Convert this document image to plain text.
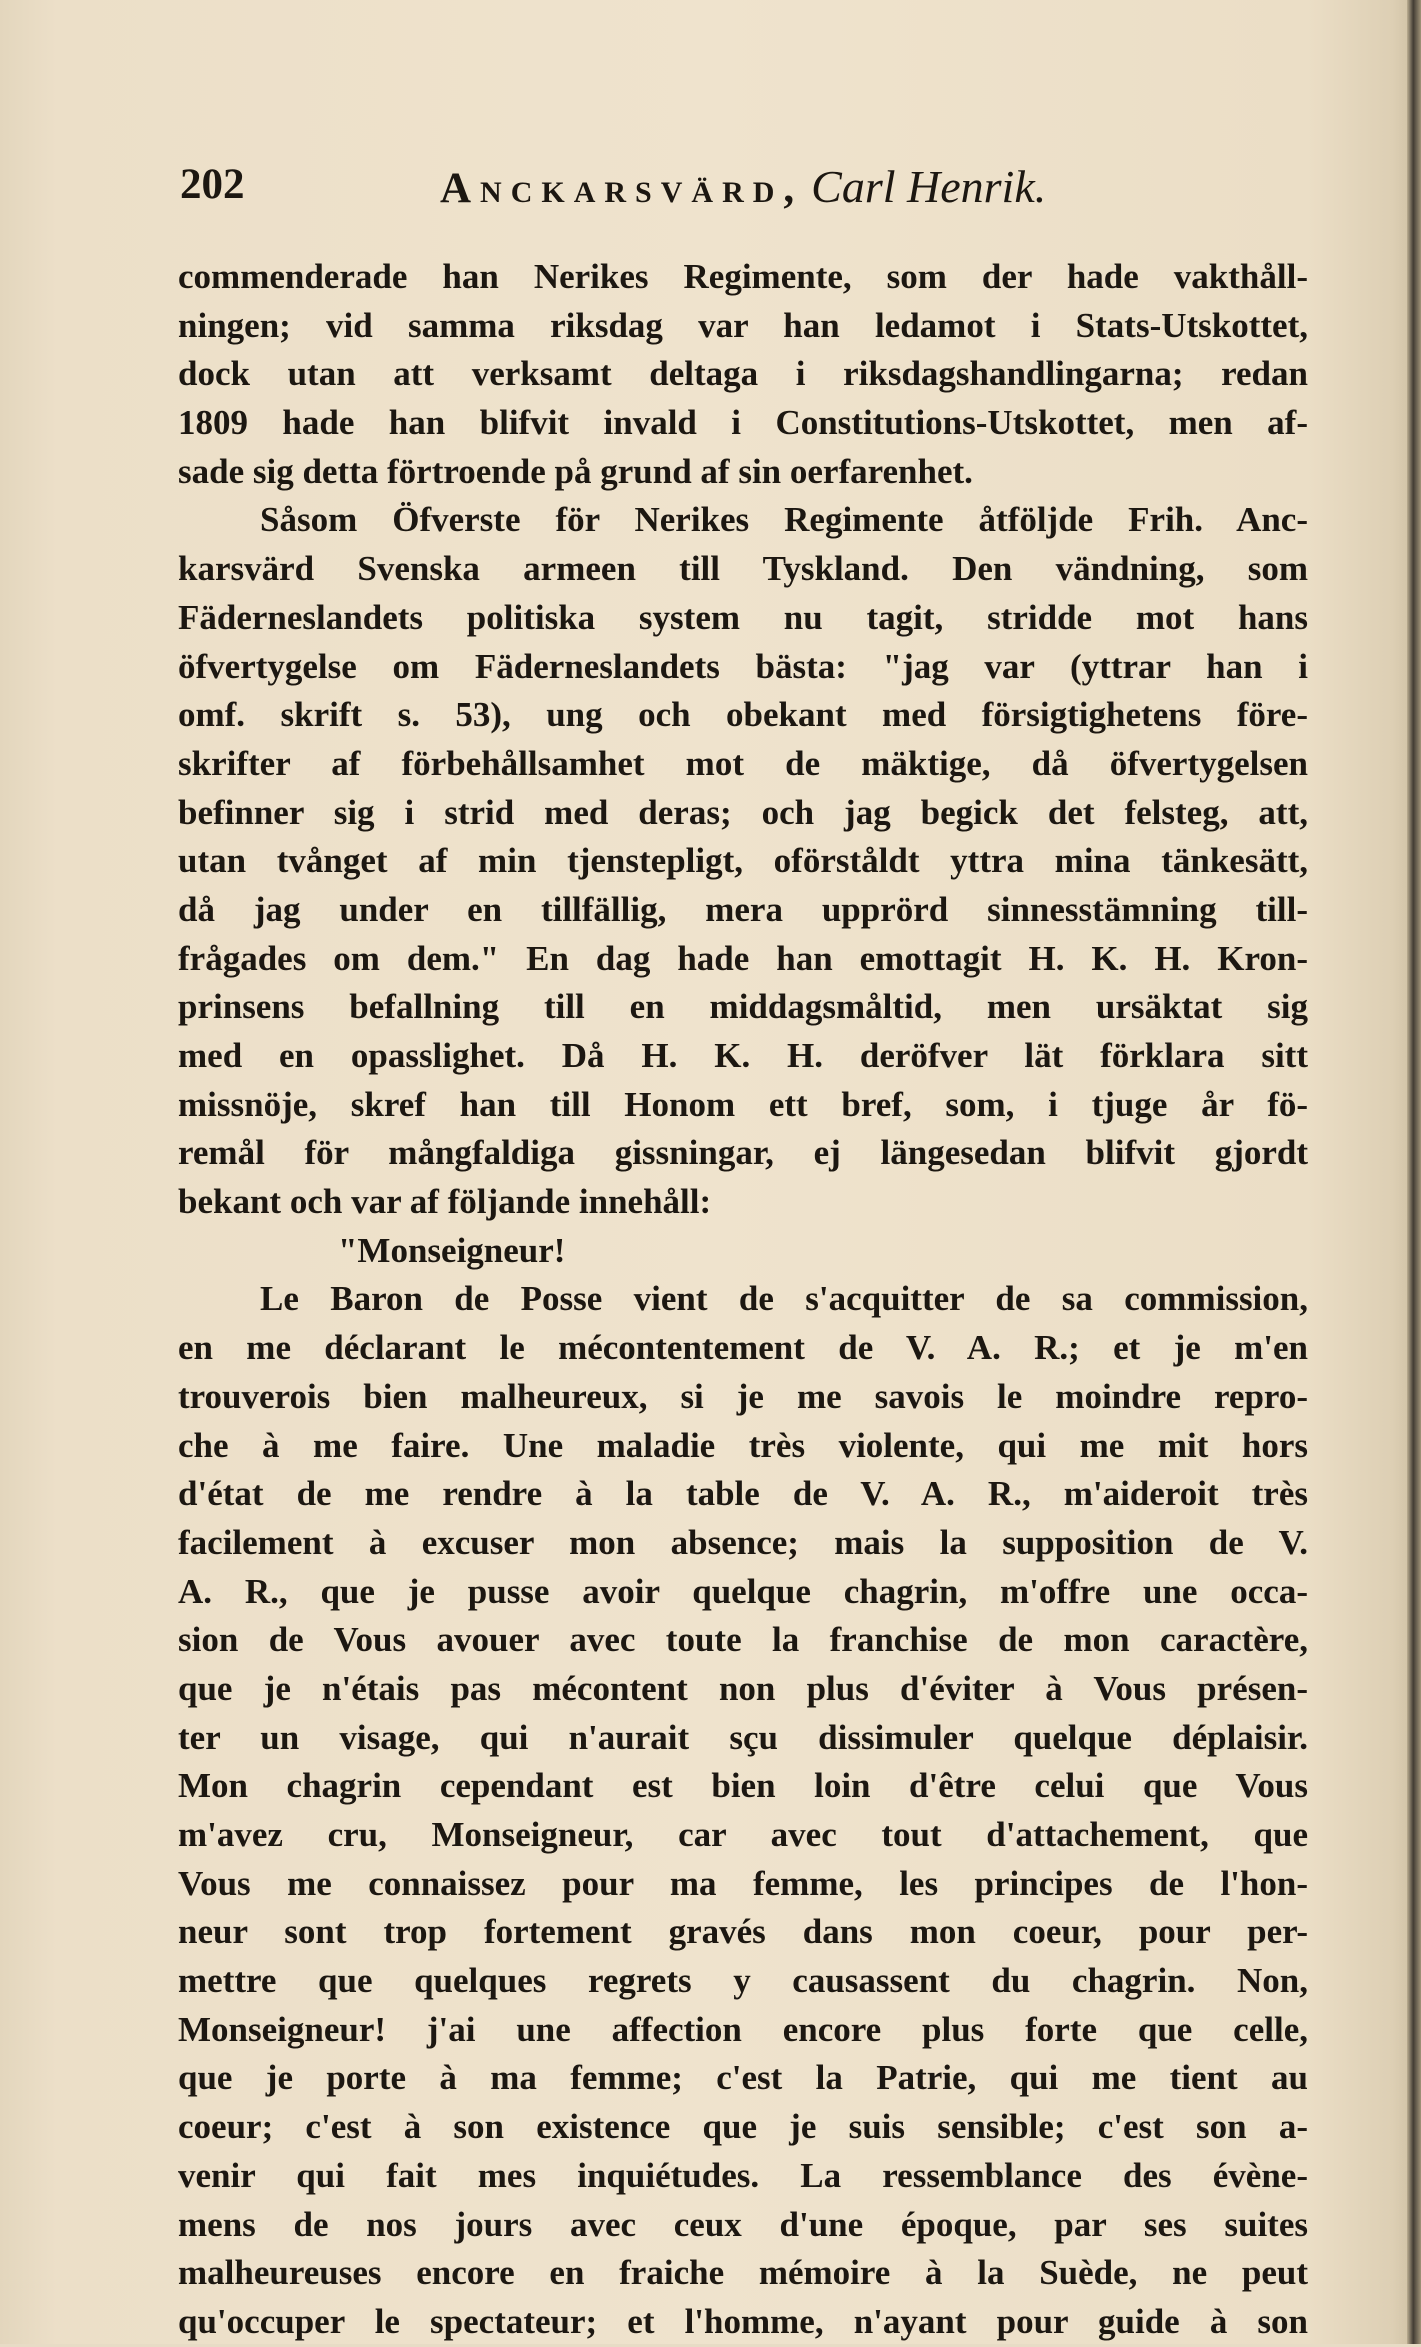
202	Anckarsvärd, Carl Henrik.
commenderade han Nerikes Regimente, som der hade vakthåll-
ningen; vid samma riksdag var han ledamot i Stats-Utskottet,
dock utan att verksamt deltaga i riksdagshandlingarna; redan
1809 hade han blifvit invald i Constitutions-Utskottet, men af-
sade sig detta förtroende på grund af sin oerfarenhet.
Såsom Öfverste för Nerikes Regimente åtföljde Frih. Anc-
karsvärd Svenska armeen till Tyskland. Den vändning, som
Fäderneslandets politiska system nu tagit, stridde mot hans
öfvertygelse om Fäderneslandets bästa: "jag var (yttrar han i
omf. skrift s. 53), ung och obekant med försigtighetens före-
skrifter af förbehållsamhet mot de mäktige, då öfvertygelsen
befinner sig i strid med deras; och jag begick det felsteg, att,
utan tvånget af min tjenstepligt, oförståldt yttra mina tänkesätt,
då jag under en tillfällig, mera upprörd sinnesstämning till-
frågades om dem." En dag hade han emottagit H. K. H. Kron-
prinsens befallning till en middagsmåltid, men ursäktat sig
med en opasslighet. Då H. K. H. deröfver lät förklara sitt
missnöje, skref han till Honom ett bref, som, i tjuge år fö-
remål för mångfaldiga gissningar, ej längesedan blifvit gjordt
bekant och var af följande innehåll:
"Monseigneur!
Le Baron de Posse vient de s'acquitter de sa commission,
en me déclarant le mécontentement de V. A. R.; et je m'en
trouverois bien malheureux, si je me savois le moindre repro-
che à me faire. Une maladie très violente, qui me mit hors
d'état de me rendre à la table de V. A. R., m'aideroit très
facilement à excuser mon absence; mais la supposition de V.
A. R., que je pusse avoir quelque chagrin, m'offre une occa-
sion de Vous avouer avec toute la franchise de mon caractère,
que je n'étais pas mécontent non plus d'éviter à Vous présen-
ter un visage, qui n'aurait sçu dissimuler quelque déplaisir.
Mon chagrin cependant est bien loin d'être celui que Vous
m'avez cru, Monseigneur, car avec tout d'attachement, que
Vous me connaissez pour ma femme, les principes de l'hon-
neur sont trop fortement gravés dans mon coeur, pour per-
mettre que quelques regrets y causassent du chagrin. Non,
Monseigneur! j'ai une affection encore plus forte que celle,
que je porte à ma femme; c'est la Patrie, qui me tient au
coeur; c'est à son existence que je suis sensible; c'est son a-
venir qui fait mes inquiétudes. La ressemblance des évène-
mens de nos jours avec ceux d'une époque, par ses suites
malheureuses encore en fraiche mémoire à la Suède, ne peut
qu'occuper le spectateur; et l'homme, n'ayant pour guide à son
